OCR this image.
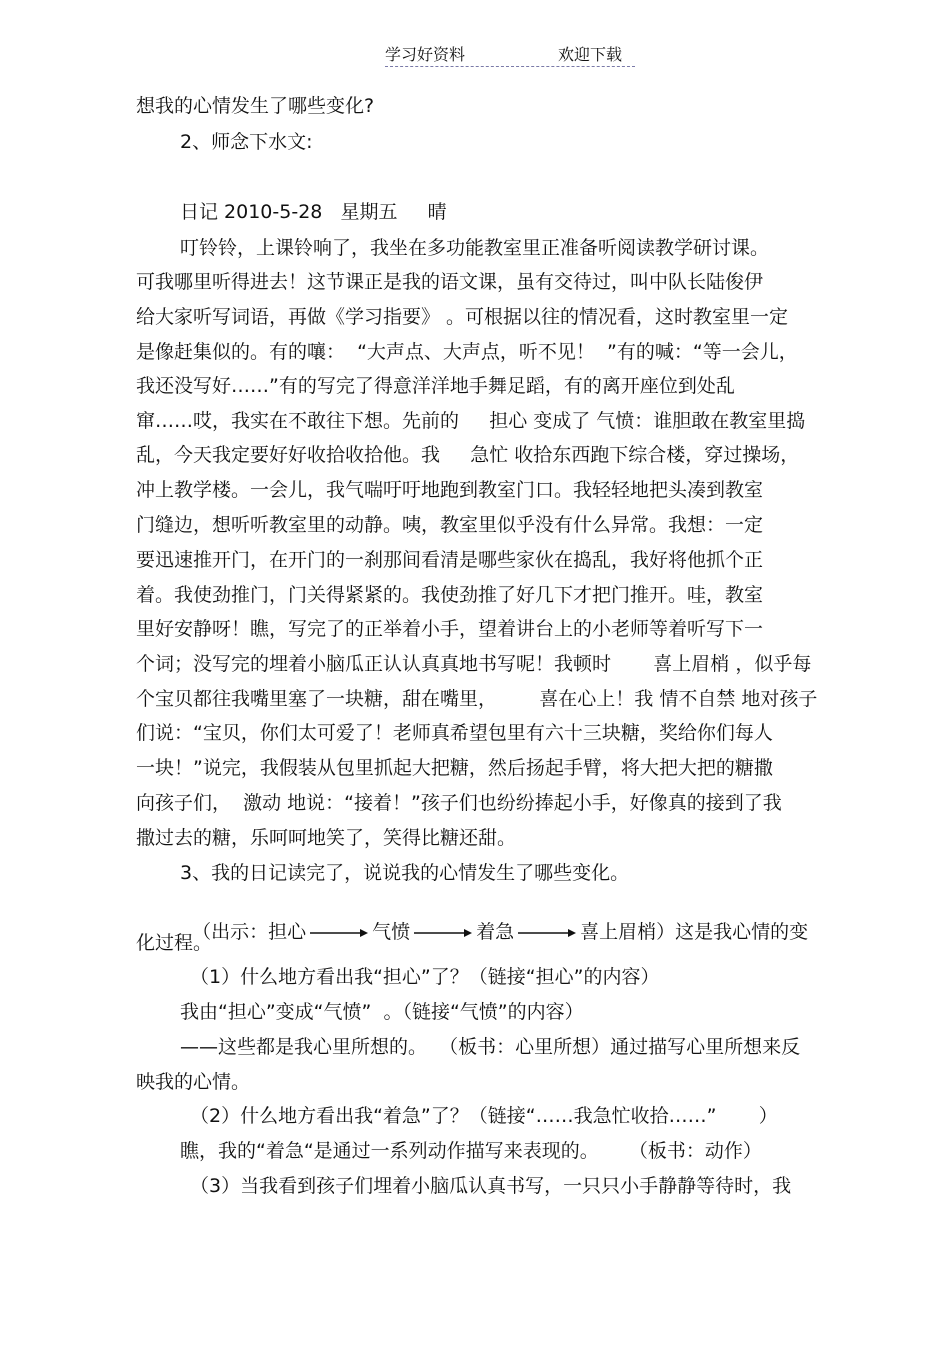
学习好资料	欢迎下载
想我的心情发生了哪些变化?
2、师念下水文:
日记 2010-5-28   星期五     晴
叮铃铃，上课铃响了，我坐在多功能教室里正准备听阅读教学研讨课。
可我哪里听得进去！这节课正是我的语文课，虽有交待过，叫中队长陆俊伊
给大家听写词语，再做《学习指要》 。可根据以往的情况看，这时教室里一定
是像赶集似的。有的嚷：  “大声点、大声点，听不见！  ”有的喊：“等一会儿，
我还没写好……”有的写完了得意洋洋地手舞足蹈，有的离开座位到处乱
窜……哎，我实在不敢往下想。先前的     担心 变成了 气愤：谁胆敢在教室里捣
乱，今天我定要好好收拾收拾他。我     急忙 收拾东西跑下综合楼，穿过操场，
冲上教学楼。一会儿，我气喘吁吁地跑到教室门口。我轻轻地把头凑到教室
门缝边，想听听教室里的动静。咦，教室里似乎没有什么异常。我想：一定
要迅速推开门，在开门的一刹那间看清是哪些家伙在捣乱，我好将他抓个正
着。我使劲推门，门关得紧紧的。我使劲推了好几下才把门推开。哇，教室
里好安静呀！瞧，写完了的正举着小手，望着讲台上的小老师等着听写下一
个词；没写完的埋着小脑瓜正认认真真地书写呢！我顿时       喜上眉梢 ，似乎每
个宝贝都往我嘴里塞了一块糖，甜在嘴里，       喜在心上！我 情不自禁 地对孩子
们说：“宝贝，你们太可爱了！老师真希望包里有六十三块糖，奖给你们每人
一块！”说完，我假装从包里抓起大把糖，然后扬起手臂，将大把大把的糖撒
向孩子们，  激动 地说：“接着！”孩子们也纷纷捧起小手，好像真的接到了我
撒过去的糖，乐呵呵地笑了，笑得比糖还甜。
3、我的日记读完了，说说我的心情发生了哪些变化。

（出示：担心	气愤	着急	喜上眉梢）这是我心情的变

化过程。
（1）什么地方看出我“担心”了？（链接“担心”的内容）
我由“担心”变成“气愤”  。（链接“气愤”的内容）
——这些都是我心里所想的。  （板书：心里所想）通过描写心里所想来反
映我的心情。
（2）什么地方看出我“着急”了？（链接“……我急忙收拾……”       ）
瞧，我的“着急“是通过一系列动作描写来表现的。     （板书：动作）
（3）当我看到孩子们埋着小脑瓜认真书写，一只只小手静静等待时，我
